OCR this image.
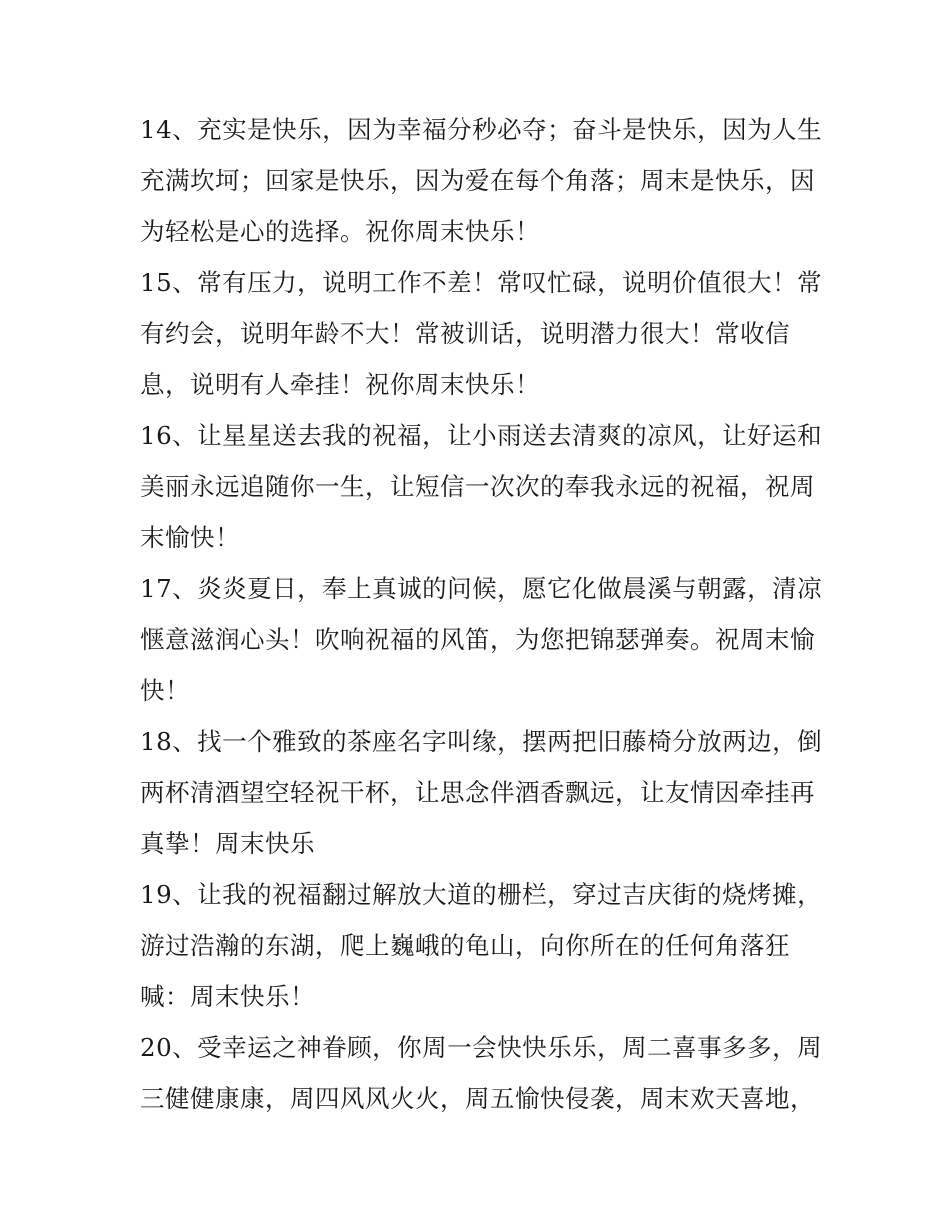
14、充实是快乐，因为幸福分秒必夺；奋斗是快乐，因为人生
充满坎坷；回家是快乐，因为爱在每个角落；周末是快乐，因
为轻松是心的选择。祝你周末快乐！
15、常有压力，说明工作不差！常叹忙碌，说明价值很大！常
有约会，说明年龄不大！常被训话，说明潜力很大！常收信
息，说明有人牵挂！祝你周末快乐！
16、让星星送去我的祝福，让小雨送去清爽的凉风，让好运和
美丽永远追随你一生，让短信一次次的奉我永远的祝福，祝周
末愉快！
17、炎炎夏日，奉上真诚的问候，愿它化做晨溪与朝露，清凉
惬意滋润心头！吹响祝福的风笛，为您把锦瑟弹奏。祝周末愉
快！
18、找一个雅致的茶座名字叫缘，摆两把旧藤椅分放两边，倒
两杯清酒望空轻祝干杯，让思念伴酒香飘远，让友情因牵挂再
真挚！周末快乐
19、让我的祝福翻过解放大道的栅栏，穿过吉庆街的烧烤摊，
游过浩瀚的东湖，爬上巍峨的龟山，向你所在的任何角落狂
喊：周末快乐！
20、受幸运之神眷顾，你周一会快快乐乐，周二喜事多多，周
三健健康康，周四风风火火，周五愉快侵袭，周末欢天喜地，
